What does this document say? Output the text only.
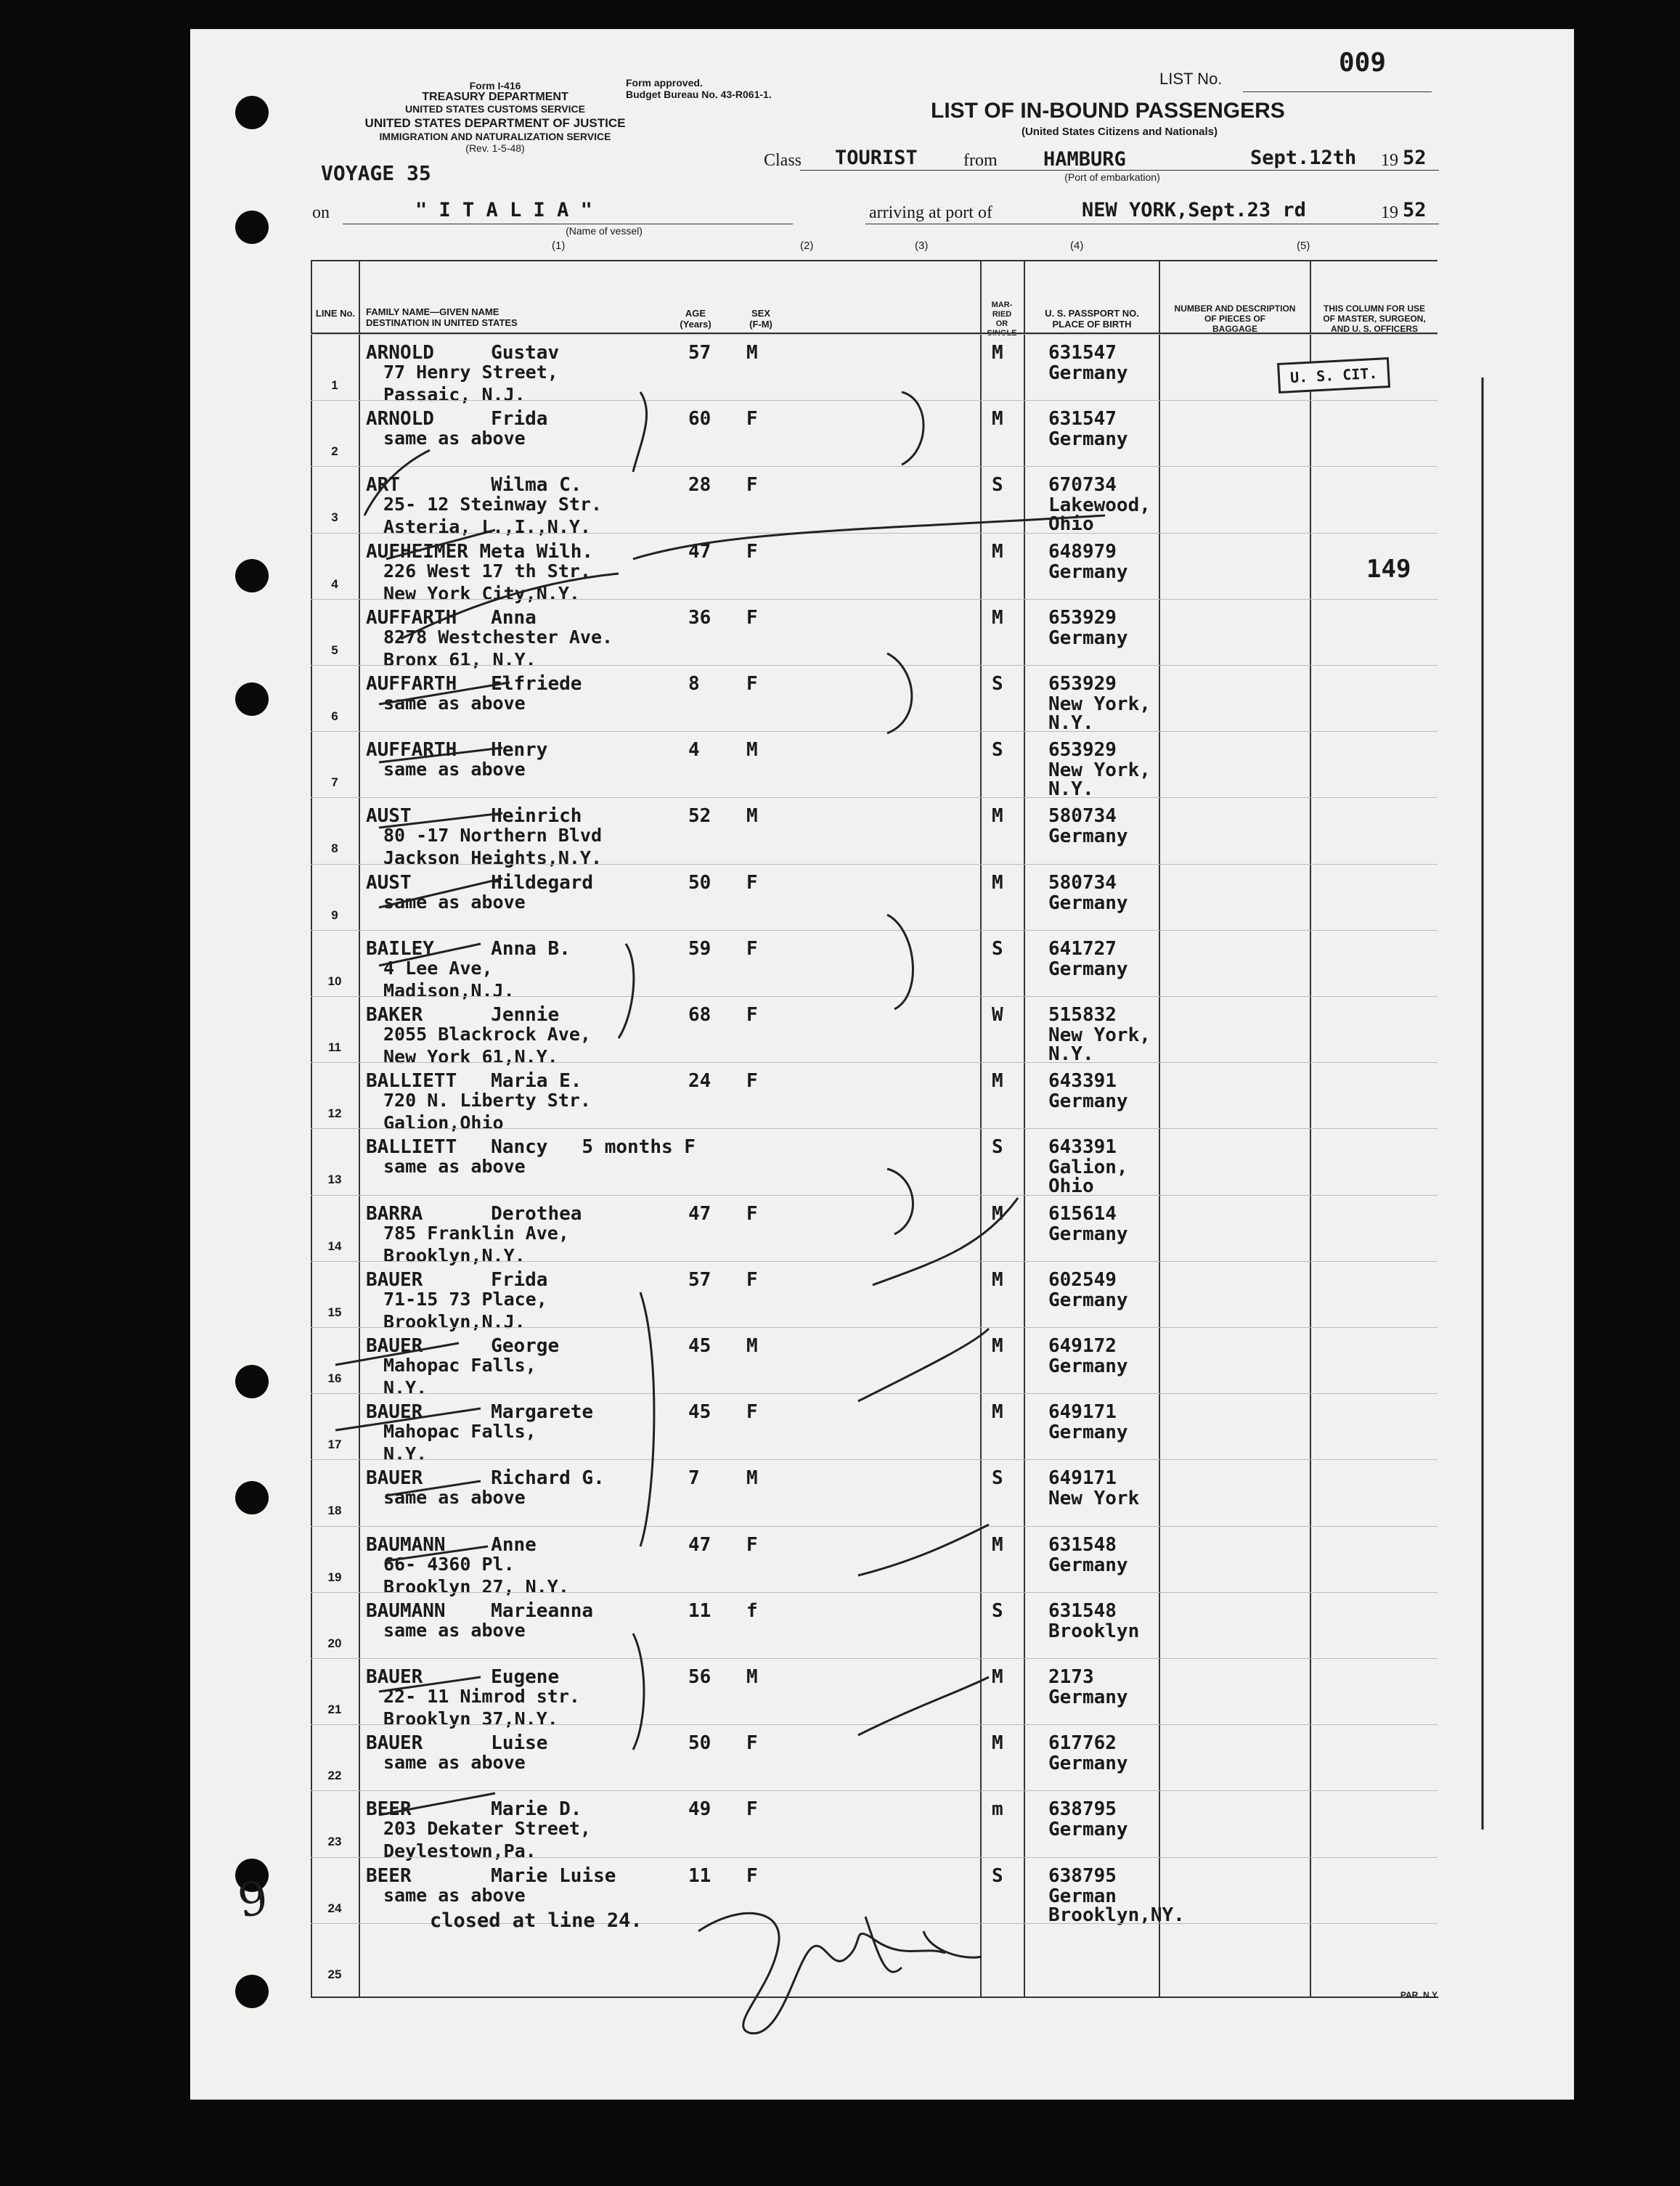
Form I-416
TREASURY DEPARTMENT
UNITED STATES CUSTOMS SERVICE
UNITED STATES DEPARTMENT OF JUSTICE
IMMIGRATION AND NATURALIZATION SERVICE
(Rev. 1-5-48)
Form approved.
Budget Bureau No. 43-R061-1.
LIST No.
009
LIST OF IN-BOUND PASSENGERS
(United States Citizens and Nationals)
VOYAGE 35
Class TOURIST	from HAMBURG
(Port of embarkation)
Sept.12th 19 52
on	" I T A L I A "
(Name of vessel)
arriving at port of	NEW YORK,Sept.23 rd	19 52
(1)	(2)	(3)	(4)	(5)
LINE No.	FAMILY NAME—GIVEN NAME
DESTINATION IN UNITED STATES
AGE
(Years)
SEX
(F-M)
MAR-
RIED
OR
SINGLE
U. S. PASSPORT NO.
PLACE OF BIRTH
NUMBER AND DESCRIPTION
OF PIECES OF
BAGGAGE
THIS COLUMN FOR USE
OF MASTER, SURGEON,
AND U. S. OFFICERS
1
ARNOLD     Gustav
77 Henry Street,
Passaic, N.J.
57 M	M 631547
Germany
2
ARNOLD     Frida
same as above
60 F	M 631547
Germany
3
ART        Wilma C.
25- 12 Steinway Str.
Asteria, L.,I.,N.Y.
28 F	S 670734
Lakewood,
Ohio
4
AUFHEIMER Meta Wilh.
226 West 17 th Str.
New York City,N.Y.
47 F	M 648979
Germany
5
AUFFARTH   Anna
8278 Westchester Ave.
Bronx 61, N.Y.
36 F	M 653929
Germany
6
AUFFARTH   Elfriede
same as above
8 F	S 653929
New York,
N.Y.
7
AUFFARTH   Henry
same as above
4 M	S 653929
New York,
N.Y.
8
AUST       Heinrich
80 -17 Northern Blvd
Jackson Heights,N.Y.
52 M	M 580734
Germany
9
AUST       Hildegard
same as above
50 F	M 580734
Germany
10
BAILEY     Anna B.
4 Lee Ave,
Madison,N.J.
59 F	S 641727
Germany
11
BAKER      Jennie
2055 Blackrock Ave,
New York 61,N.Y.
68 F	W 515832
New York,
N.Y.
12
BALLIETT   Maria E.
720 N. Liberty Str.
Galion,Ohio
24 F	M 643391
Germany
13
BALLIETT   Nancy   5 months F
same as above
S 643391
Galion,
Ohio
14
BARRA      Derothea
785 Franklin Ave,
Brooklyn,N.Y.
47 F	M 615614
Germany
15
BAUER      Frida
71-15 73 Place,
Brooklyn,N.J.
57 F	M 602549
Germany
16
BAUER      George
Mahopac Falls,
N.Y.
45 M	M 649172
Germany
17
BAUER      Margarete
Mahopac Falls,
N.Y.
45 F	M 649171
Germany
18
BAUER      Richard G.
same as above
7 M	S 649171
New York
19
BAUMANN    Anne
66- 4360 Pl.
Brooklyn 27, N.Y.
47 F	M 631548
Germany
20
BAUMANN    Marieanna
same as above
11 f	S 631548
Brooklyn
21
BAUER      Eugene
22- 11 Nimrod str.
Brooklyn 37,N.Y.
56 M	M 2173
Germany
22
BAUER      Luise
same as above
50 F	M 617762
Germany
23
BEER       Marie D.
203 Dekater Street,
Deylestown,Pa.
49 F	m 638795
Germany
24
BEER       Marie Luise
same as above
11 F	S 638795
German
Brooklyn,NY.
25
U. S. CIT.
149
closed at line 24.
9
PAR. N.Y.
